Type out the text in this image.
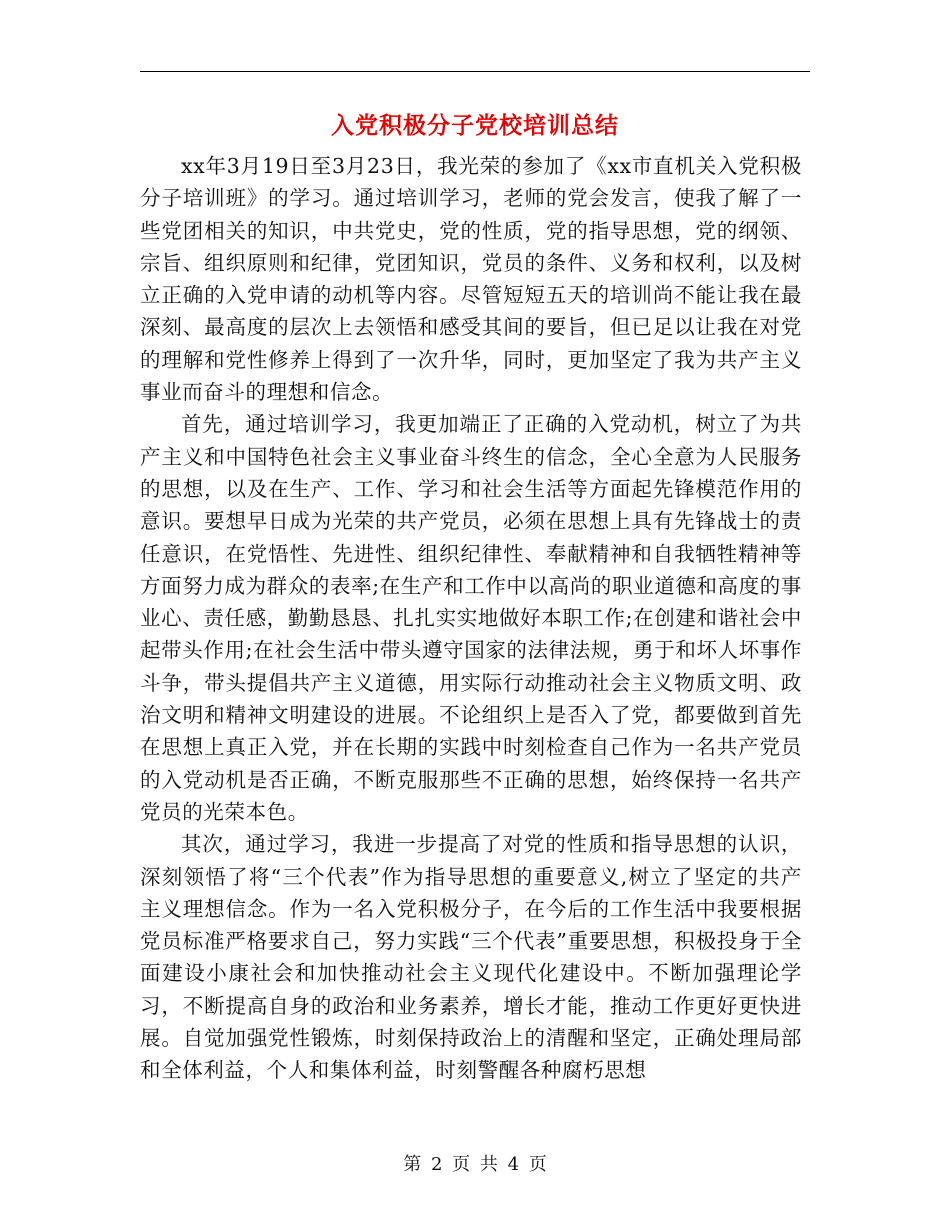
入党积极分子党校培训总结

xx年3月19日至3月23日，我光荣的参加了《xx市直机关入党积极分子培训班》的学习。通过培训学习，老师的党会发言，使我了解了一些党团相关的知识，中共党史，党的性质，党的指导思想，党的纲领、宗旨、组织原则和纪律，党团知识，党员的条件、义务和权利，以及树立正确的入党申请的动机等内容。尽管短短五天的培训尚不能让我在最深刻、最高度的层次上去领悟和感受其间的要旨，但已足以让我在对党的理解和党性修养上得到了一次升华，同时，更加坚定了我为共产主义事业而奋斗的理想和信念。

首先，通过培训学习，我更加端正了正确的入党动机，树立了为共产主义和中国特色社会主义事业奋斗终生的信念，全心全意为人民服务的思想，以及在生产、工作、学习和社会生活等方面起先锋模范作用的意识。要想早日成为光荣的共产党员，必须在思想上具有先锋战士的责任意识，在党悟性、先进性、组织纪律性、奉献精神和自我牺牲精神等方面努力成为群众的表率;在生产和工作中以高尚的职业道德和高度的事业心、责任感，勤勤恳恳、扎扎实实地做好本职工作;在创建和谐社会中起带头作用;在社会生活中带头遵守国家的法律法规，勇于和坏人坏事作斗争，带头提倡共产主义道德，用实际行动推动社会主义物质文明、政治文明和精神文明建设的进展。不论组织上是否入了党，都要做到首先在思想上真正入党，并在长期的实践中时刻检查自己作为一名共产党员的入党动机是否正确，不断克服那些不正确的思想，始终保持一名共产党员的光荣本色。

其次，通过学习，我进一步提高了对党的性质和指导思想的认识，深刻领悟了将“三个代表”作为指导思想的重要意义,树立了坚定的共产主义理想信念。作为一名入党积极分子，在今后的工作生活中我要根据党员标准严格要求自己，努力实践“三个代表”重要思想，积极投身于全面建设小康社会和加快推动社会主义现代化建设中。不断加强理论学习，不断提高自身的政治和业务素养，增长才能，推动工作更好更快进展。自觉加强党性锻炼，时刻保持政治上的清醒和坚定，正确处理局部和全体利益，个人和集体利益，时刻警醒各种腐朽思想

第 2 页 共 4 页
